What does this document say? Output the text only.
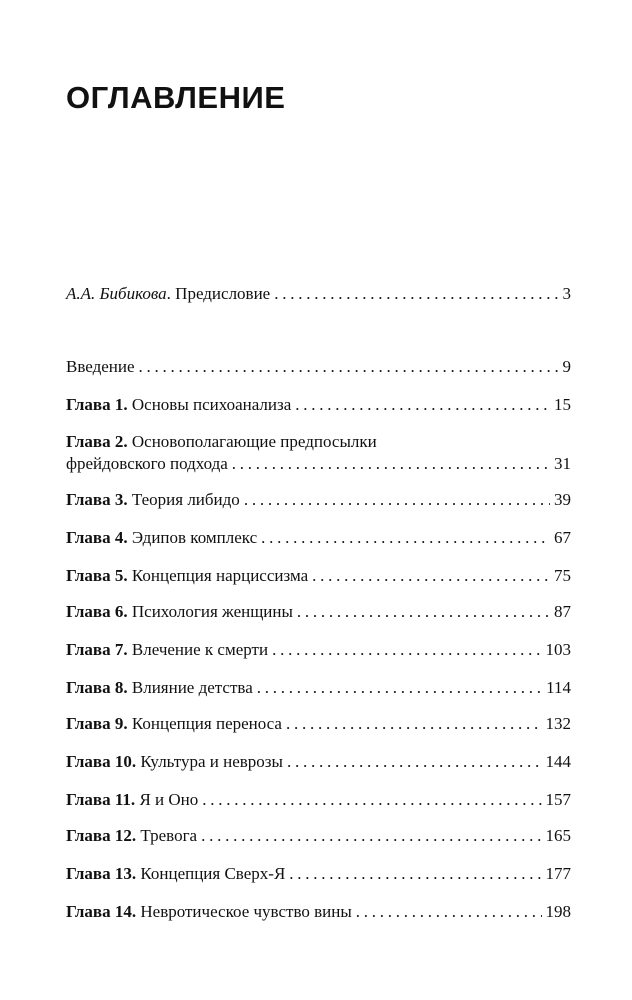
ОГЛАВЛЕНИЕ
А.А. Бибикова. Предисловие . . .	3
Введение . . .	9
Глава 1. Основы психоанализа . . .	15
Глава 2. Основополагающие предпосылки
фрейдовского подхода . . .	31
Глава 3. Теория либидо . . .	39
Глава 4. Эдипов комплекс . . .	67
Глава 5. Концепция нарциссизма . . .	75
Глава 6. Психология женщины . . .	87
Глава 7. Влечение к смерти . . .	103
Глава 8. Влияние детства . . .	114
Глава 9. Концепция переноса . . .	132
Глава 10. Культура и неврозы . . .	144
Глава 11. Я и Оно . . .	157
Глава 12. Тревога . . .	165
Глава 13. Концепция Сверх-Я . . .	177
Глава 14. Невротическое чувство вины . . .	198
